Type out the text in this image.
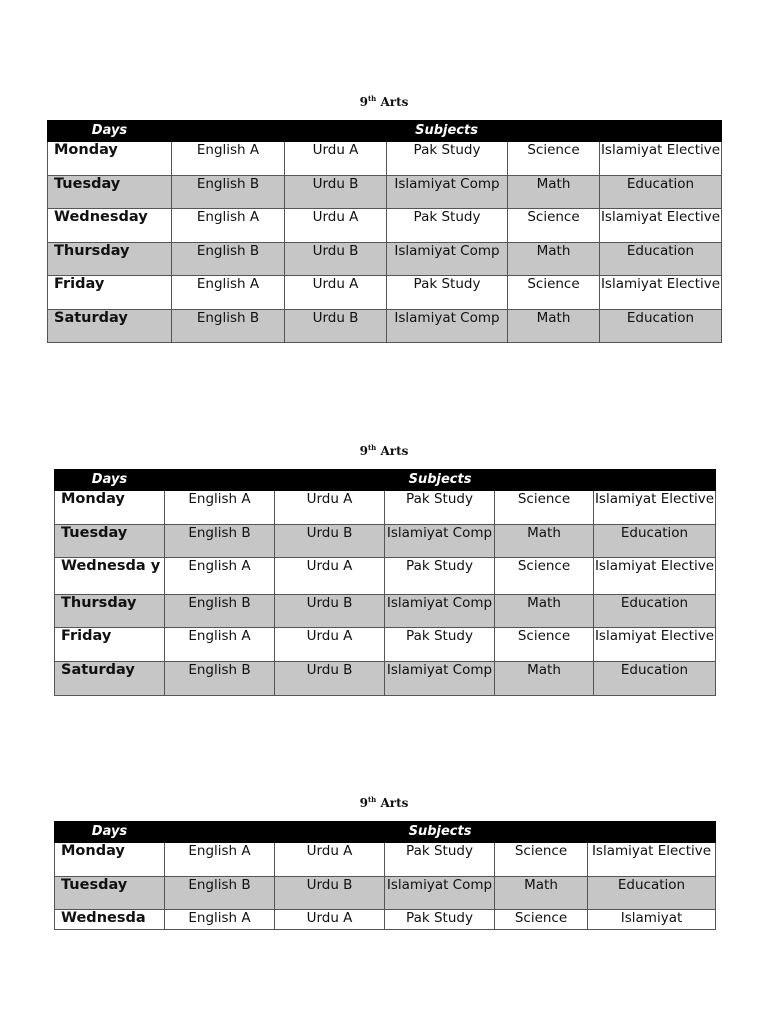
9th Arts
Days	Subjects				
Monday	English A	Urdu A	Pak Study	Science	Islamiyat Elective
Tuesday	English B	Urdu B	Islamiyat Comp	Math	Education
Wednesday	English A	Urdu A	Pak Study	Science	Islamiyat Elective
Thursday	English B	Urdu B	Islamiyat Comp	Math	Education
Friday	English A	Urdu A	Pak Study	Science	Islamiyat Elective
Saturday	English B	Urdu B	Islamiyat Comp	Math	Education
9th Arts
Days	Subjects				
Monday	English A	Urdu A	Pak Study	Science	Islamiyat Elective
Tuesday	English B	Urdu B	Islamiyat Comp	Math	Education
Wednesda y	English A	Urdu A	Pak Study	Science	Islamiyat Elective
Thursday	English B	Urdu B	Islamiyat Comp	Math	Education
Friday	English A	Urdu A	Pak Study	Science	Islamiyat Elective
Saturday	English B	Urdu B	Islamiyat Comp	Math	Education
9th Arts
Days	Subjects				
Monday	English A	Urdu A	Pak Study	Science	Islamiyat Elective
Tuesday	English B	Urdu B	Islamiyat Comp	Math	Education
Wednesda	English A	Urdu A	Pak Study	Science	Islamiyat
